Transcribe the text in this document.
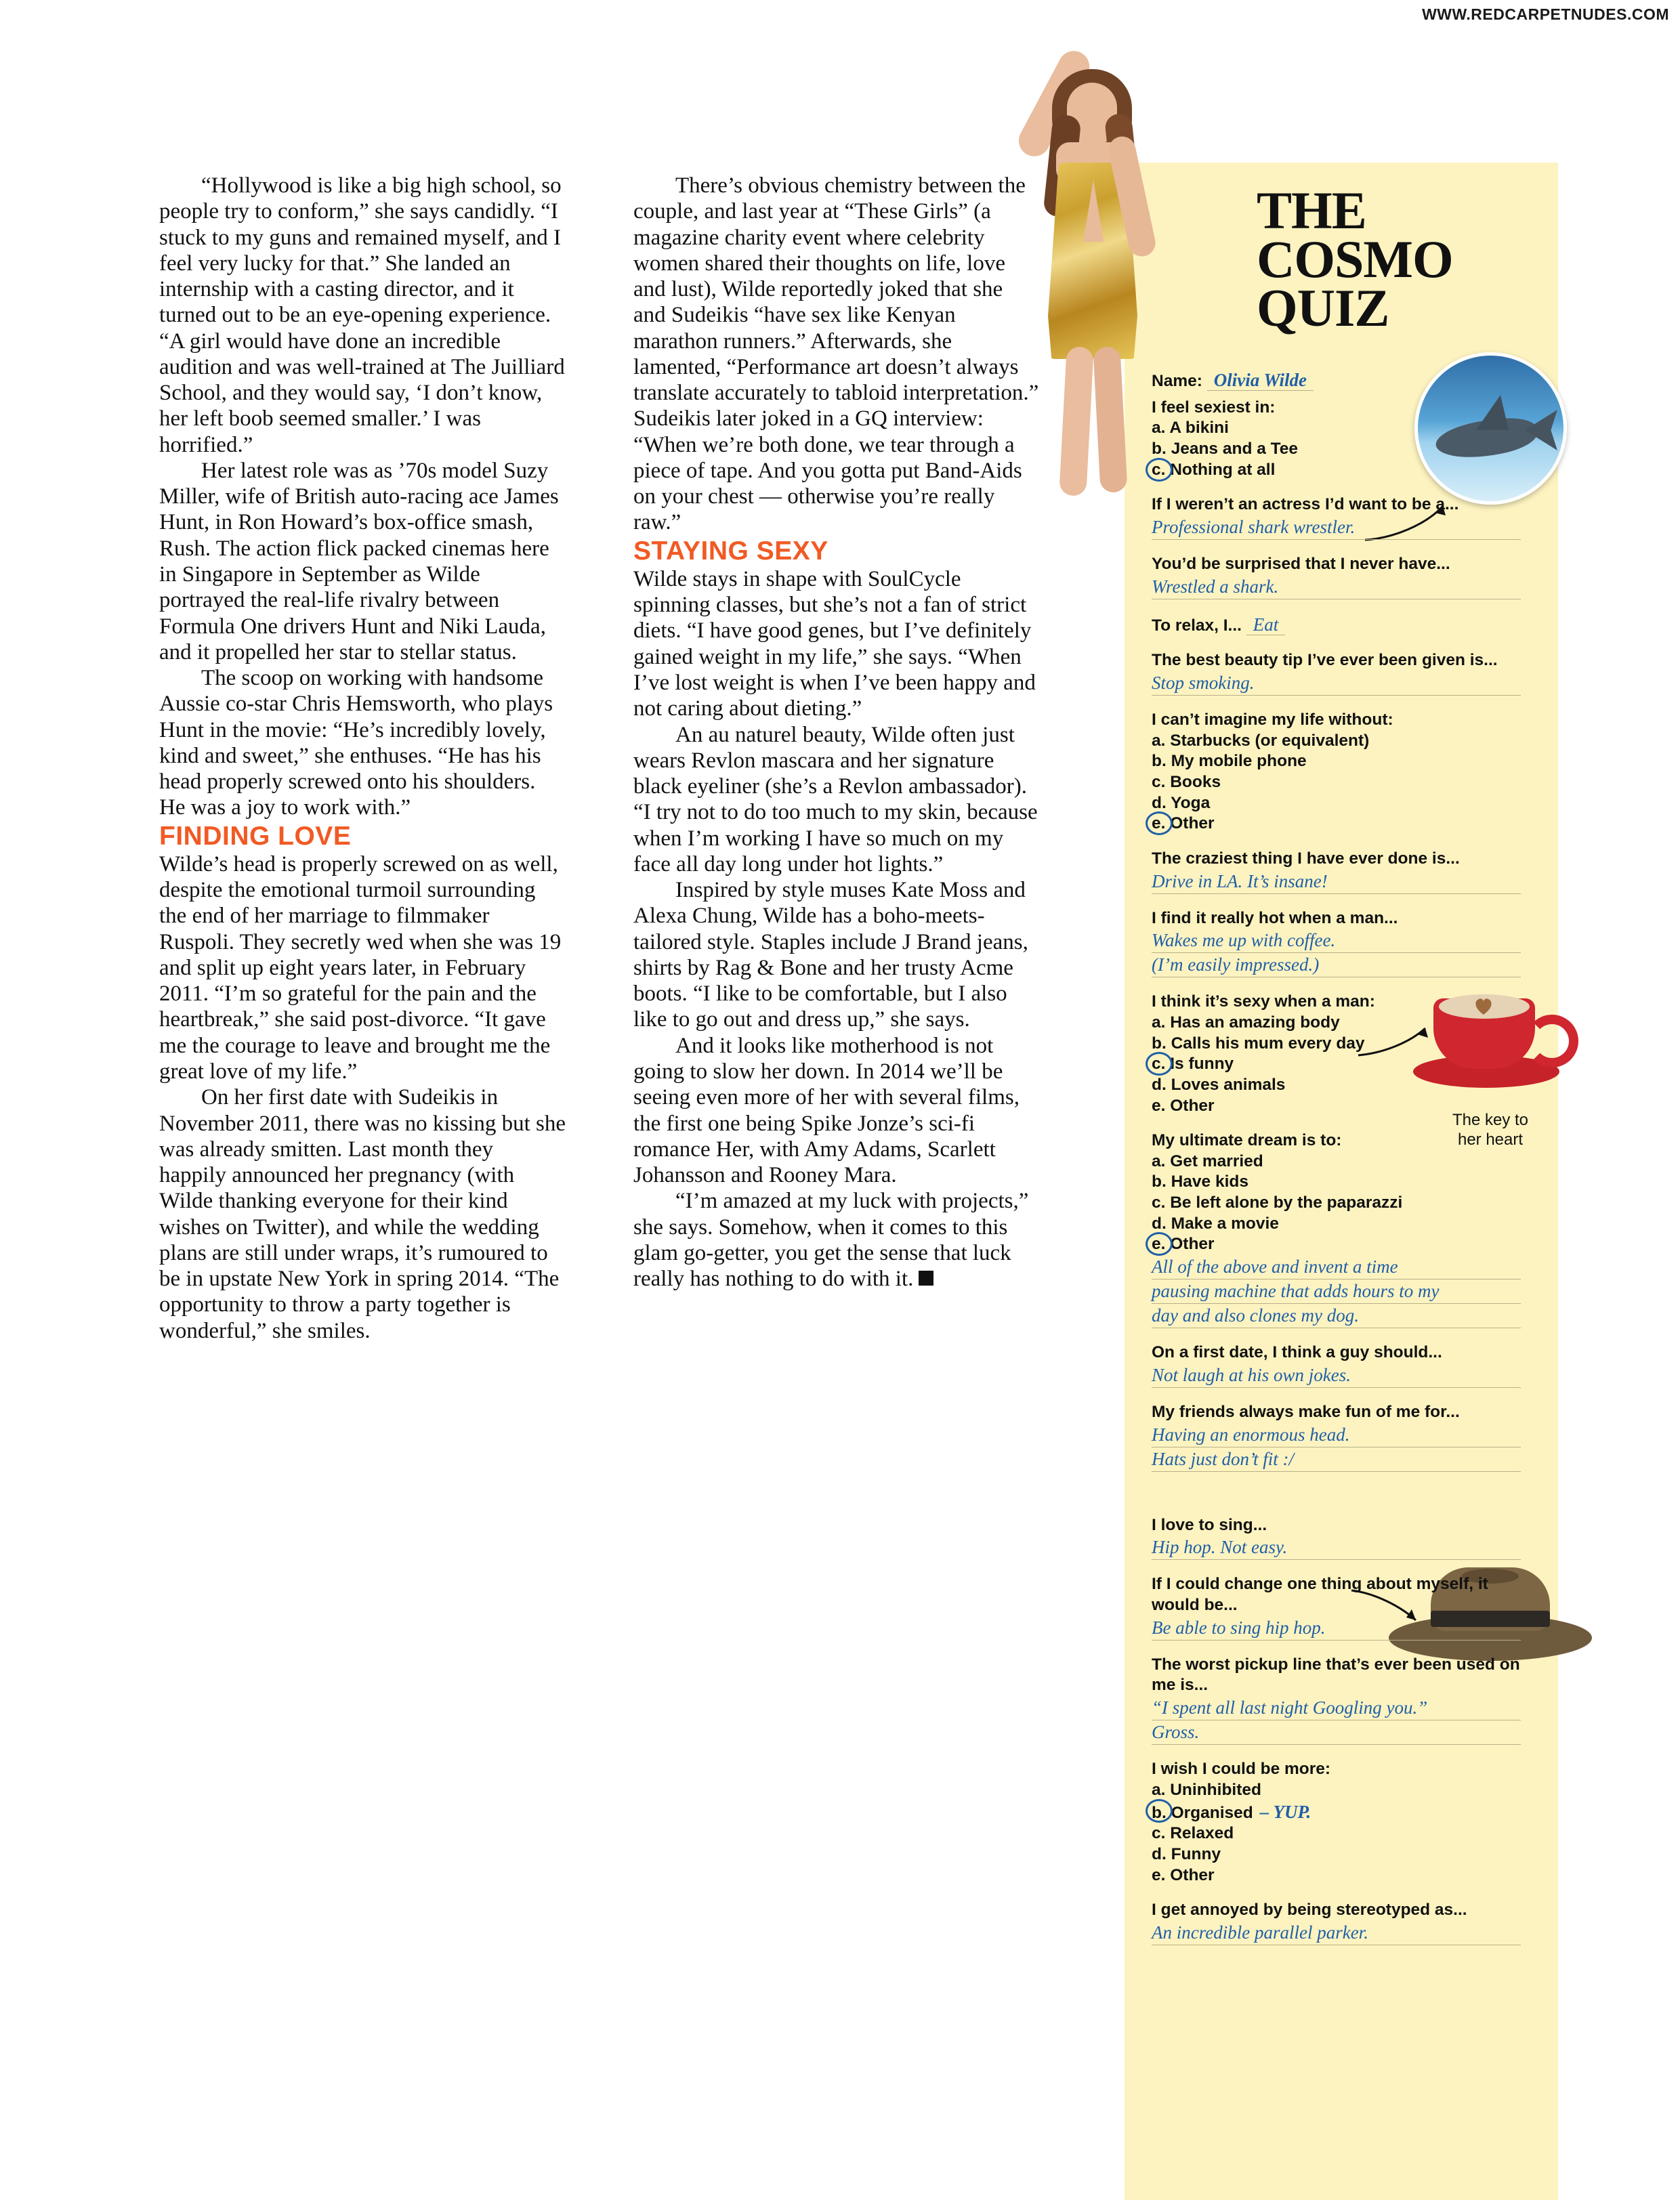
WWW.REDCARPETNUDES.COM

“Hollywood is like a big high school, so people try to conform,” she says candidly. “I stuck to my guns and remained myself, and I feel very lucky for that.” She landed an internship with a casting director, and it turned out to be an eye-opening experience. “A girl would have done an incredible audition and was well-trained at The Juilliard School, and they would say, ‘I don’t know, her left boob seemed smaller.’ I was horrified.”

Her latest role was as ’70s model Suzy Miller, wife of British auto-racing ace James Hunt, in Ron Howard’s box-office smash, Rush. The action flick packed cinemas here in Singapore in September as Wilde portrayed the real-life rivalry between Formula One drivers Hunt and Niki Lauda, and it propelled her star to stellar status.

The scoop on working with handsome Aussie co-star Chris Hemsworth, who plays Hunt in the movie: “He’s incredibly lovely, kind and sweet,” she enthuses. “He has his head properly screwed onto his shoulders. He was a joy to work with.”

FINDING LOVE

Wilde’s head is properly screwed on as well, despite the emotional turmoil surrounding the end of her marriage to filmmaker Ruspoli. They secretly wed when she was 19 and split up eight years later, in February 2011. “I’m so grateful for the pain and the heartbreak,” she said post-divorce. “It gave me the courage to leave and brought me the great love of my life.”

On her first date with Sudeikis in November 2011, there was no kissing but she was already smitten. Last month they happily announced her pregnancy (with Wilde thanking everyone for their kind wishes on Twitter), and while the wedding plans are still under wraps, it’s rumoured to be in upstate New York in spring 2014. “The opportunity to throw a party together is wonderful,” she smiles.

There’s obvious chemistry between the couple, and last year at “These Girls” (a magazine charity event where celebrity women shared their thoughts on life, love and lust), Wilde reportedly joked that she and Sudeikis “have sex like Kenyan marathon runners.” Afterwards, she lamented, “Performance art doesn’t always translate accurately to tabloid interpretation.” Sudeikis later joked in a GQ interview: “When we’re both done, we tear through a piece of tape. And you gotta put Band-Aids on your chest — otherwise you’re really raw.”

STAYING SEXY

Wilde stays in shape with SoulCycle spinning classes, but she’s not a fan of strict diets. “I have good genes, but I’ve definitely gained weight in my life,” she says. “When I’ve lost weight is when I’ve been happy and not caring about dieting.”

An au naturel beauty, Wilde often just wears Revlon mascara and her signature black eyeliner (she’s a Revlon ambassador). “I try not to do too much to my skin, because when I’m working I have so much on my face all day long under hot lights.”

Inspired by style muses Kate Moss and Alexa Chung, Wilde has a boho-meets-tailored style. Staples include J Brand jeans, shirts by Rag & Bone and her trusty Acme boots. “I like to be comfortable, but I also like to go out and dress up,” she says.

And it looks like motherhood is not going to slow her down. In 2014 we’ll be seeing even more of her with several films, the first one being Spike Jonze’s sci-fi romance Her, with Amy Adams, Scarlett Johansson and Rooney Mara.

“I’m amazed at my luck with projects,” she says. Somehow, when it comes to this glam go-getter, you get the sense that luck really has nothing to do with it.

THE
COSMO
QUIZ
The key to
her heart
Name: Olivia Wilde
I feel sexiest in:
a. A bikini
b. Jeans and a Tee
c. Nothing at all
If I weren’t an actress I’d want to be a...
Professional shark wrestler.
You’d be surprised that I never have...
Wrestled a shark.
To relax, I... Eat
The best beauty tip I’ve ever been given is...
Stop smoking.
I can’t imagine my life without:
a. Starbucks (or equivalent)
b. My mobile phone
c. Books
d. Yoga
e. Other
The craziest thing I have ever done is...
Drive in LA. It’s insane!
I find it really hot when a man...
Wakes me up with coffee.
(I’m easily impressed.)
I think it’s sexy when a man:
a. Has an amazing body
b. Calls his mum every day
c. Is funny
d. Loves animals
e. Other
My ultimate dream is to:
a. Get married
b. Have kids
c. Be left alone by the paparazzi
d. Make a movie
e. Other
All of the above and invent a time
pausing machine that adds hours to my
day and also clones my dog.
On a first date, I think a guy should...
Not laugh at his own jokes.
My friends always make fun of me for...
Having an enormous head.
Hats just don’t fit :/
I love to sing...
Hip hop. Not easy.
If I could change one thing about myself, it would be...
Be able to sing hip hop.
The worst pickup line that’s ever been used on me is...
“I spent all last night Googling you.”
Gross.
I wish I could be more:
a. Uninhibited
b. Organised – YUP.
c. Relaxed
d. Funny
e. Other
I get annoyed by being stereotyped as...
An incredible parallel parker.
